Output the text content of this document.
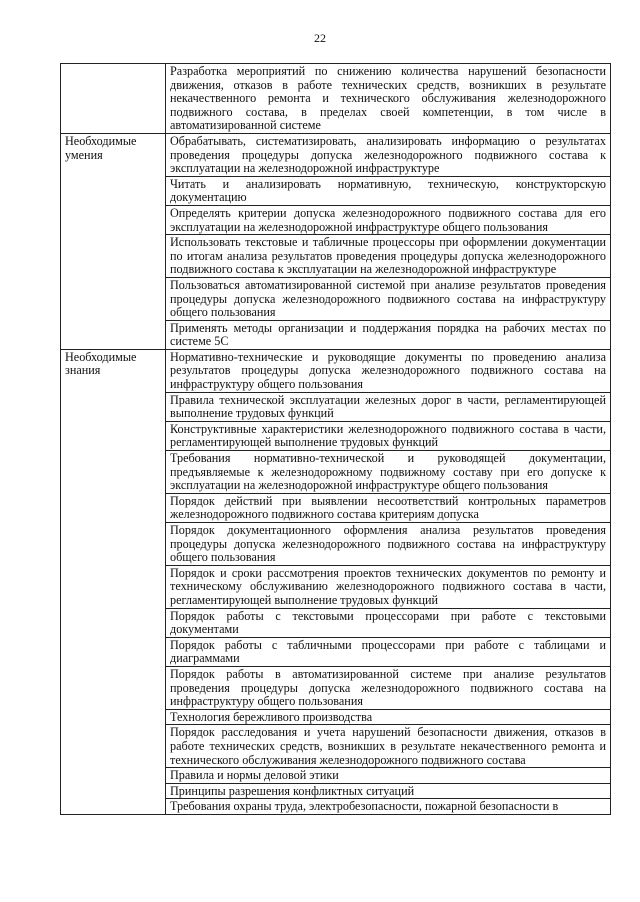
22
	Разработка мероприятий по снижению количества нарушений безопасности движения, отказов в работе технических средств, возникших в результате некачественного ремонта и технического обслуживания железнодорожного подвижного состава, в пределах своей компетенции, в том числе в автоматизированной системе
Необходимые умения	Обрабатывать, систематизировать, анализировать информацию о результатах проведения процедуры допуска железнодорожного подвижного состава к эксплуатации на железнодорожной инфраструктуре
	Читать и анализировать нормативную, техническую, конструкторскую документацию
	Определять критерии допуска железнодорожного подвижного состава для его эксплуатации на железнодорожной инфраструктуре общего пользования
	Использовать текстовые и табличные процессоры при оформлении документации по итогам анализа результатов проведения процедуры допуска железнодорожного подвижного состава к эксплуатации на железнодорожной инфраструктуре
	Пользоваться автоматизированной системой при анализе результатов проведения процедуры допуска железнодорожного подвижного состава на инфраструктуру общего пользования
	Применять методы организации и поддержания порядка на рабочих местах по системе 5С
Необходимые знания	Нормативно-технические и руководящие документы по проведению анализа результатов процедуры допуска железнодорожного подвижного состава на инфраструктуру общего пользования
	Правила технической эксплуатации железных дорог в части, регламентирующей выполнение трудовых функций
	Конструктивные характеристики железнодорожного подвижного состава в части, регламентирующей выполнение трудовых функций
	Требования нормативно-технической и руководящей документации, предъявляемые к железнодорожному подвижному составу при его допуске к эксплуатации на железнодорожной инфраструктуре общего пользования
	Порядок действий при выявлении несоответствий контрольных параметров железнодорожного подвижного состава критериям допуска
	Порядок документационного оформления анализа результатов проведения процедуры допуска железнодорожного подвижного состава на инфраструктуру общего пользования
	Порядок и сроки рассмотрения проектов технических документов по ремонту и техническому обслуживанию железнодорожного подвижного состава в части, регламентирующей выполнение трудовых функций
	Порядок работы с текстовыми процессорами при работе с текстовыми документами
	Порядок работы с табличными процессорами при работе с таблицами и диаграммами
	Порядок работы в автоматизированной системе при анализе результатов проведения процедуры допуска железнодорожного подвижного состава на инфраструктуру общего пользования
	Технология бережливого производства
	Порядок расследования и учета нарушений безопасности движения, отказов в работе технических средств, возникших в результате некачественного ремонта и технического обслуживания железнодорожного подвижного состава
	Правила и нормы деловой этики
	Принципы разрешения конфликтных ситуаций
	Требования охраны труда, электробезопасности, пожарной безопасности в
